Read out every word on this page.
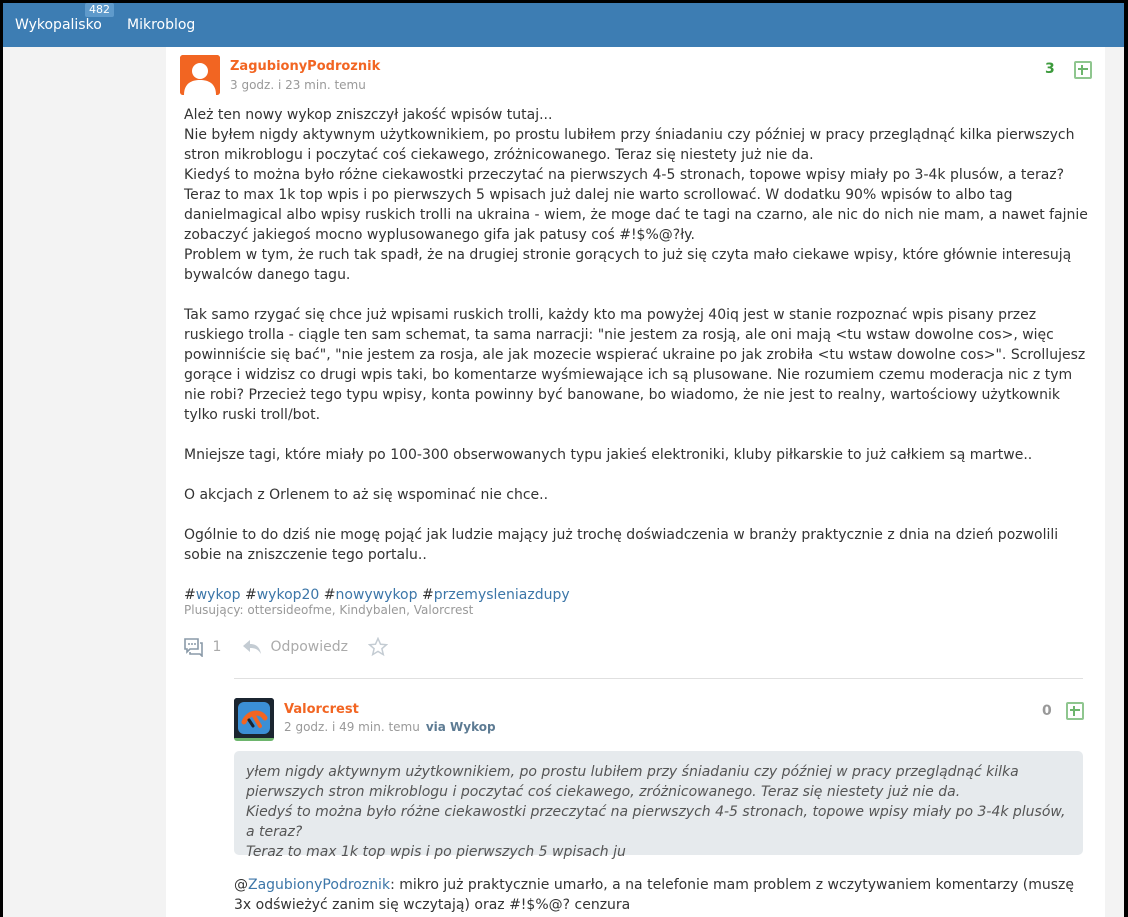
Wykopalisko
482
Mikroblog
ZagubionyPodroznik
3 godz. i 23 min. temu
3

Ależ ten nowy wykop zniszczył jakość wpisów tutaj...

Nie byłem nigdy aktywnym użytkownikiem, po prostu lubiłem przy śniadaniu czy później w pracy przeglądnąć kilka pierwszych stron mikroblogu i poczytać coś ciekawego, zróżnicowanego. Teraz się niestety już nie da.

Kiedyś to można było różne ciekawostki przeczytać na pierwszych 4-5 stronach, topowe wpisy miały po 3-4k plusów, a teraz?

Teraz to max 1k top wpis i po pierwszych 5 wpisach już dalej nie warto scrollować. W dodatku 90% wpisów to albo tag danielmagical albo wpisy ruskich trolli na ukraina - wiem, że moge dać te tagi na czarno, ale nic do nich nie mam, a nawet fajnie zobaczyć jakiegoś mocno wyplusowanego gifa jak patusy coś #!$%@?ły.

Problem w tym, że ruch tak spadł, że na drugiej stronie gorących to już się czyta mało ciekawe wpisy, które głównie interesują bywalców danego tagu.

Tak samo rzygać się chce już wpisami ruskich trolli, każdy kto ma powyżej 40iq jest w stanie rozpoznać wpis pisany przez ruskiego trolla - ciągle ten sam schemat, ta sama narracji: "nie jestem za rosją, ale oni mają <tu wstaw dowolne cos>, więc powinniście się bać", "nie jestem za rosja, ale jak mozecie wspierać ukraine po jak zrobiła <tu wstaw dowolne cos>". Scrollujesz gorące i widzisz co drugi wpis taki, bo komentarze wyśmiewające ich są plusowane. Nie rozumiem czemu moderacja nic z tym nie robi? Przecież tego typu wpisy, konta powinny być banowane, bo wiadomo, że nie jest to realny, wartościowy użytkownik tylko ruski troll/bot.

Mniejsze tagi, które miały po 100-300 obserwowanych typu jakieś elektroniki, kluby piłkarskie to już całkiem są martwe..

O akcjach z Orlenem to aż się wspominać nie chce..

Ogólnie to do dziś nie mogę pojąć jak ludzie mający już trochę doświadczenia w branży praktycznie z dnia na dzień pozwolili sobie na zniszczenie tego portalu..

#wykop #wykop20 #nowywykop #przemysleniazdupy

Plusujący: ottersideofme, Kindybalen, Valorcrest
1	Odpowiedz
Valorcrest
2 godz. i 49 min. temu via Wykop
0
yłem nigdy aktywnym użytkownikiem, po prostu lubiłem przy śniadaniu czy później w pracy przeglądnąć kilka pierwszych stron mikroblogu i poczytać coś ciekawego, zróżnicowanego. Teraz się niestety już nie da.
Kiedyś to można było różne ciekawostki przeczytać na pierwszych 4-5 stronach, topowe wpisy miały po 3-4k plusów, a teraz?
Teraz to max 1k top wpis i po pierwszych 5 wpisach ju
@ZagubionyPodroznik: mikro już praktycznie umarło, a na telefonie mam problem z wczytywaniem komentarzy (muszę 3x odświeżyć zanim się wczytają) oraz #!$%@? cenzura
